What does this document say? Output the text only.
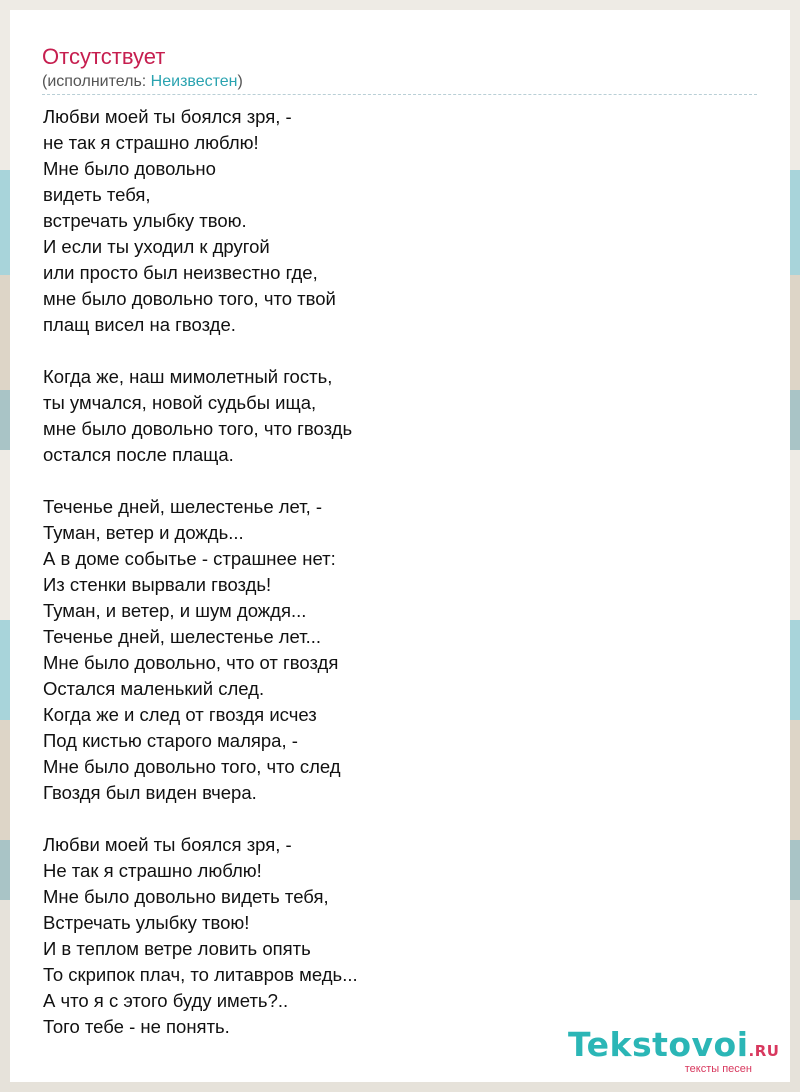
Отсутствует
(исполнитель: Неизвестен)
Любви моей ты боялся зря, -
не так я страшно люблю!
Мне было довольно
видеть тебя,
встречать улыбку твою.
И если ты уходил к другой
или просто был неизвестно где,
мне было довольно того, что твой
плащ висел на гвозде.
Когда же, наш мимолетный гость,
ты умчался, новой судьбы ища,
мне было довольно того, что гвоздь
остался после плаща.
Теченье дней, шелестенье лет, -
Туман, ветер и дождь...
А в доме событье - страшнее нет:
Из стенки вырвали гвоздь!
Туман, и ветер, и шум дождя...
Теченье дней, шелестенье лет...
Мне было довольно, что от гвоздя
Остался маленький след.
Когда же и след от гвоздя исчез
Под кистью старого маляра, -
Мне было довольно того, что след
Гвоздя был виден вчера.
Любви моей ты боялся зря, -
Не так я страшно люблю!
Мне было довольно видеть тебя,
Встречать улыбку твою!
И в теплом ветре ловить опять
То скрипок плач, то литавров медь...
А что я с этого буду иметь?..
Того тебе - не понять.	Tekstovoi.RU
тексты песен
